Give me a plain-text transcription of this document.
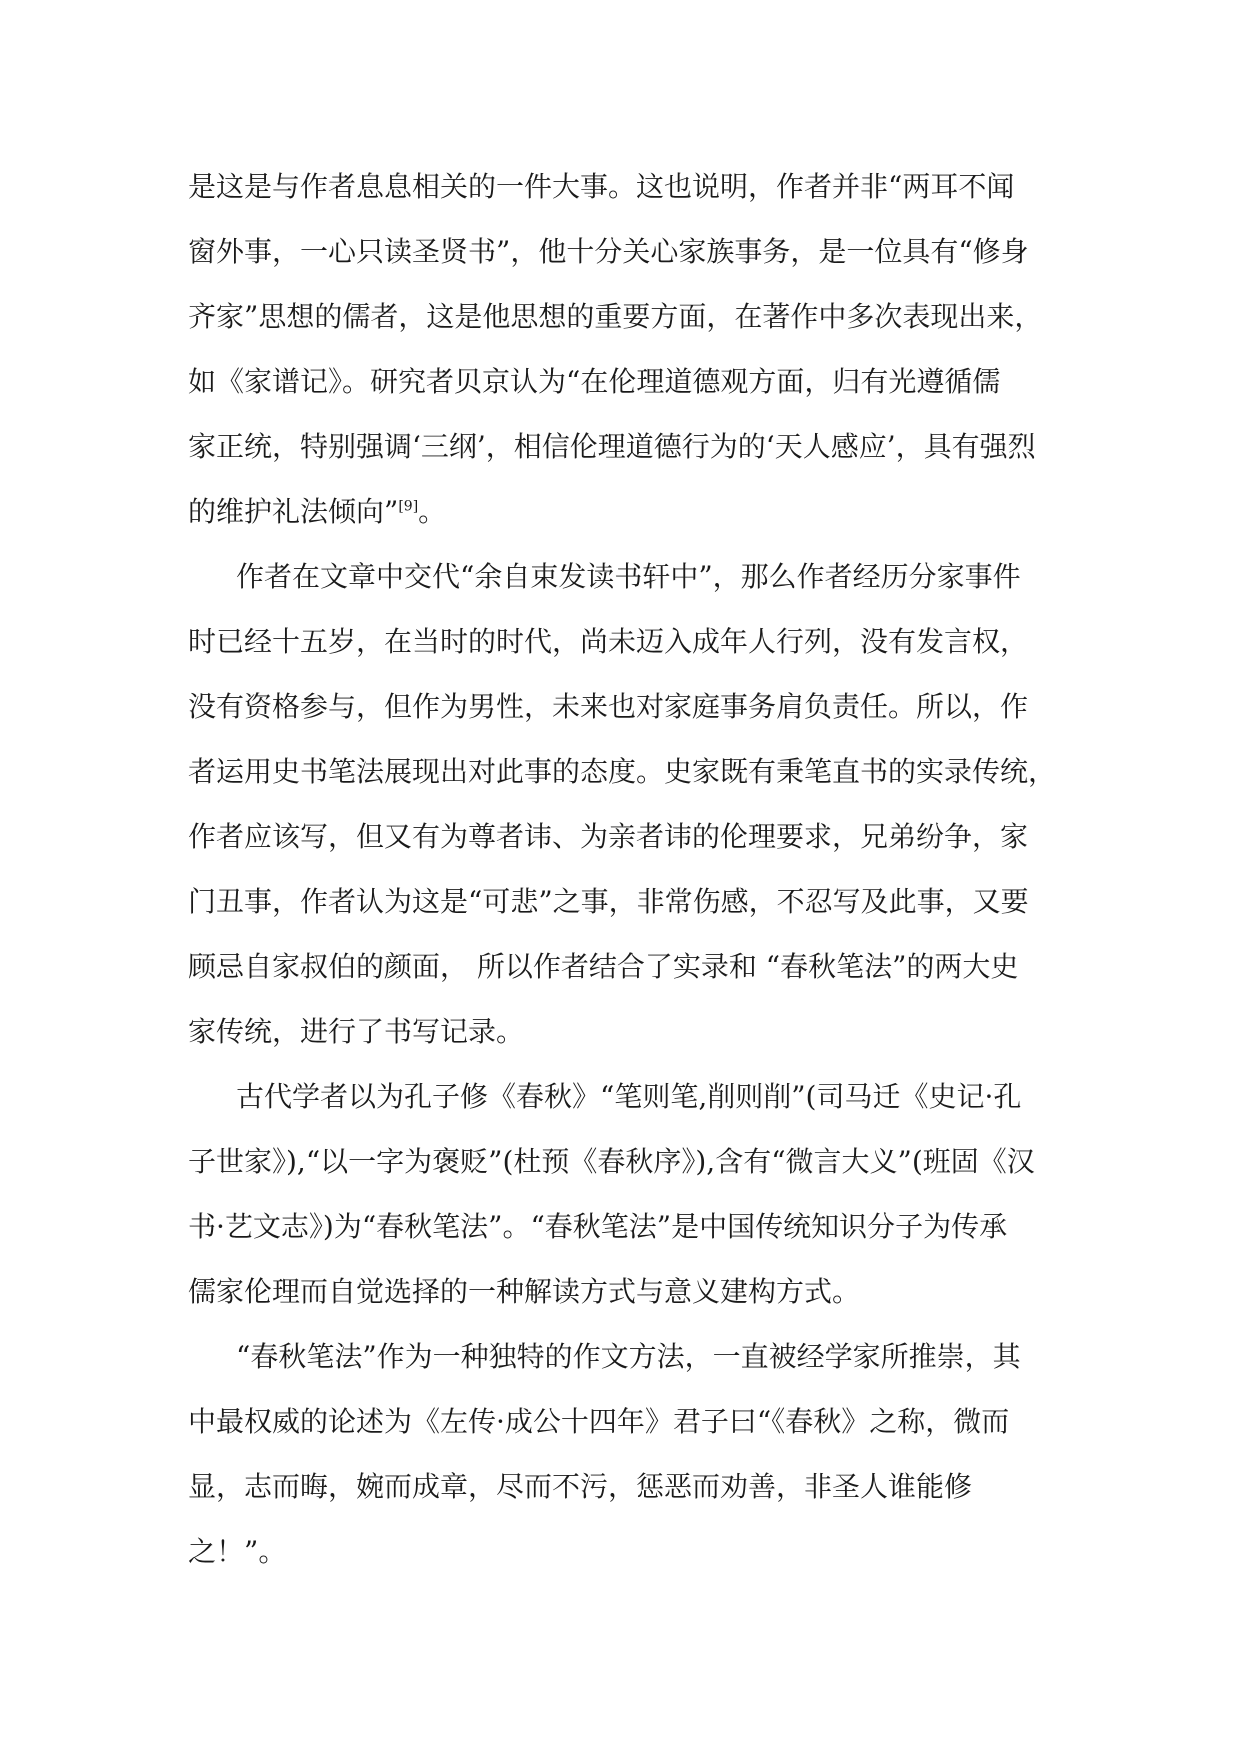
是这是与作者息息相关的一件大事。这也说明，作者并非“两耳不闻
窗外事，一心只读圣贤书”，他十分关心家族事务，是一位具有“修身
齐家”思想的儒者，这是他思想的重要方面，在著作中多次表现出来，
如《家谱记》。研究者贝京认为“在伦理道德观方面，归有光遵循儒
家正统，特别强调‘三纲’，相信伦理道德行为的‘天人感应’，具有强烈
的维护礼法倾向”[9]。
作者在文章中交代“余自束发读书轩中”，那么作者经历分家事件
时已经十五岁，在当时的时代，尚未迈入成年人行列，没有发言权，
没有资格参与，但作为男性，未来也对家庭事务肩负责任。所以，作
者运用史书笔法展现出对此事的态度。史家既有秉笔直书的实录传统，
作者应该写，但又有为尊者讳、为亲者讳的伦理要求，兄弟纷争，家
门丑事，作者认为这是“可悲”之事，非常伤感，不忍写及此事，又要
顾忌自家叔伯的颜面， 所以作者结合了实录和 “春秋笔法”的两大史
家传统，进行了书写记录。
古代学者以为孔子修《春秋》“笔则笔,削则削”(司马迁《史记·孔
子世家》),“以一字为褒贬”(杜预《春秋序》),含有“微言大义”(班固《汉
书·艺文志》)为“春秋笔法”。“春秋笔法”是中国传统知识分子为传承
儒家伦理而自觉选择的一种解读方式与意义建构方式。
“春秋笔法”作为一种独特的作文方法，一直被经学家所推崇，其
中最权威的论述为《左传·成公十四年》君子曰“《春秋》之称，微而
显，志而晦，婉而成章，尽而不污，惩恶而劝善，非圣人谁能修
之！”。
